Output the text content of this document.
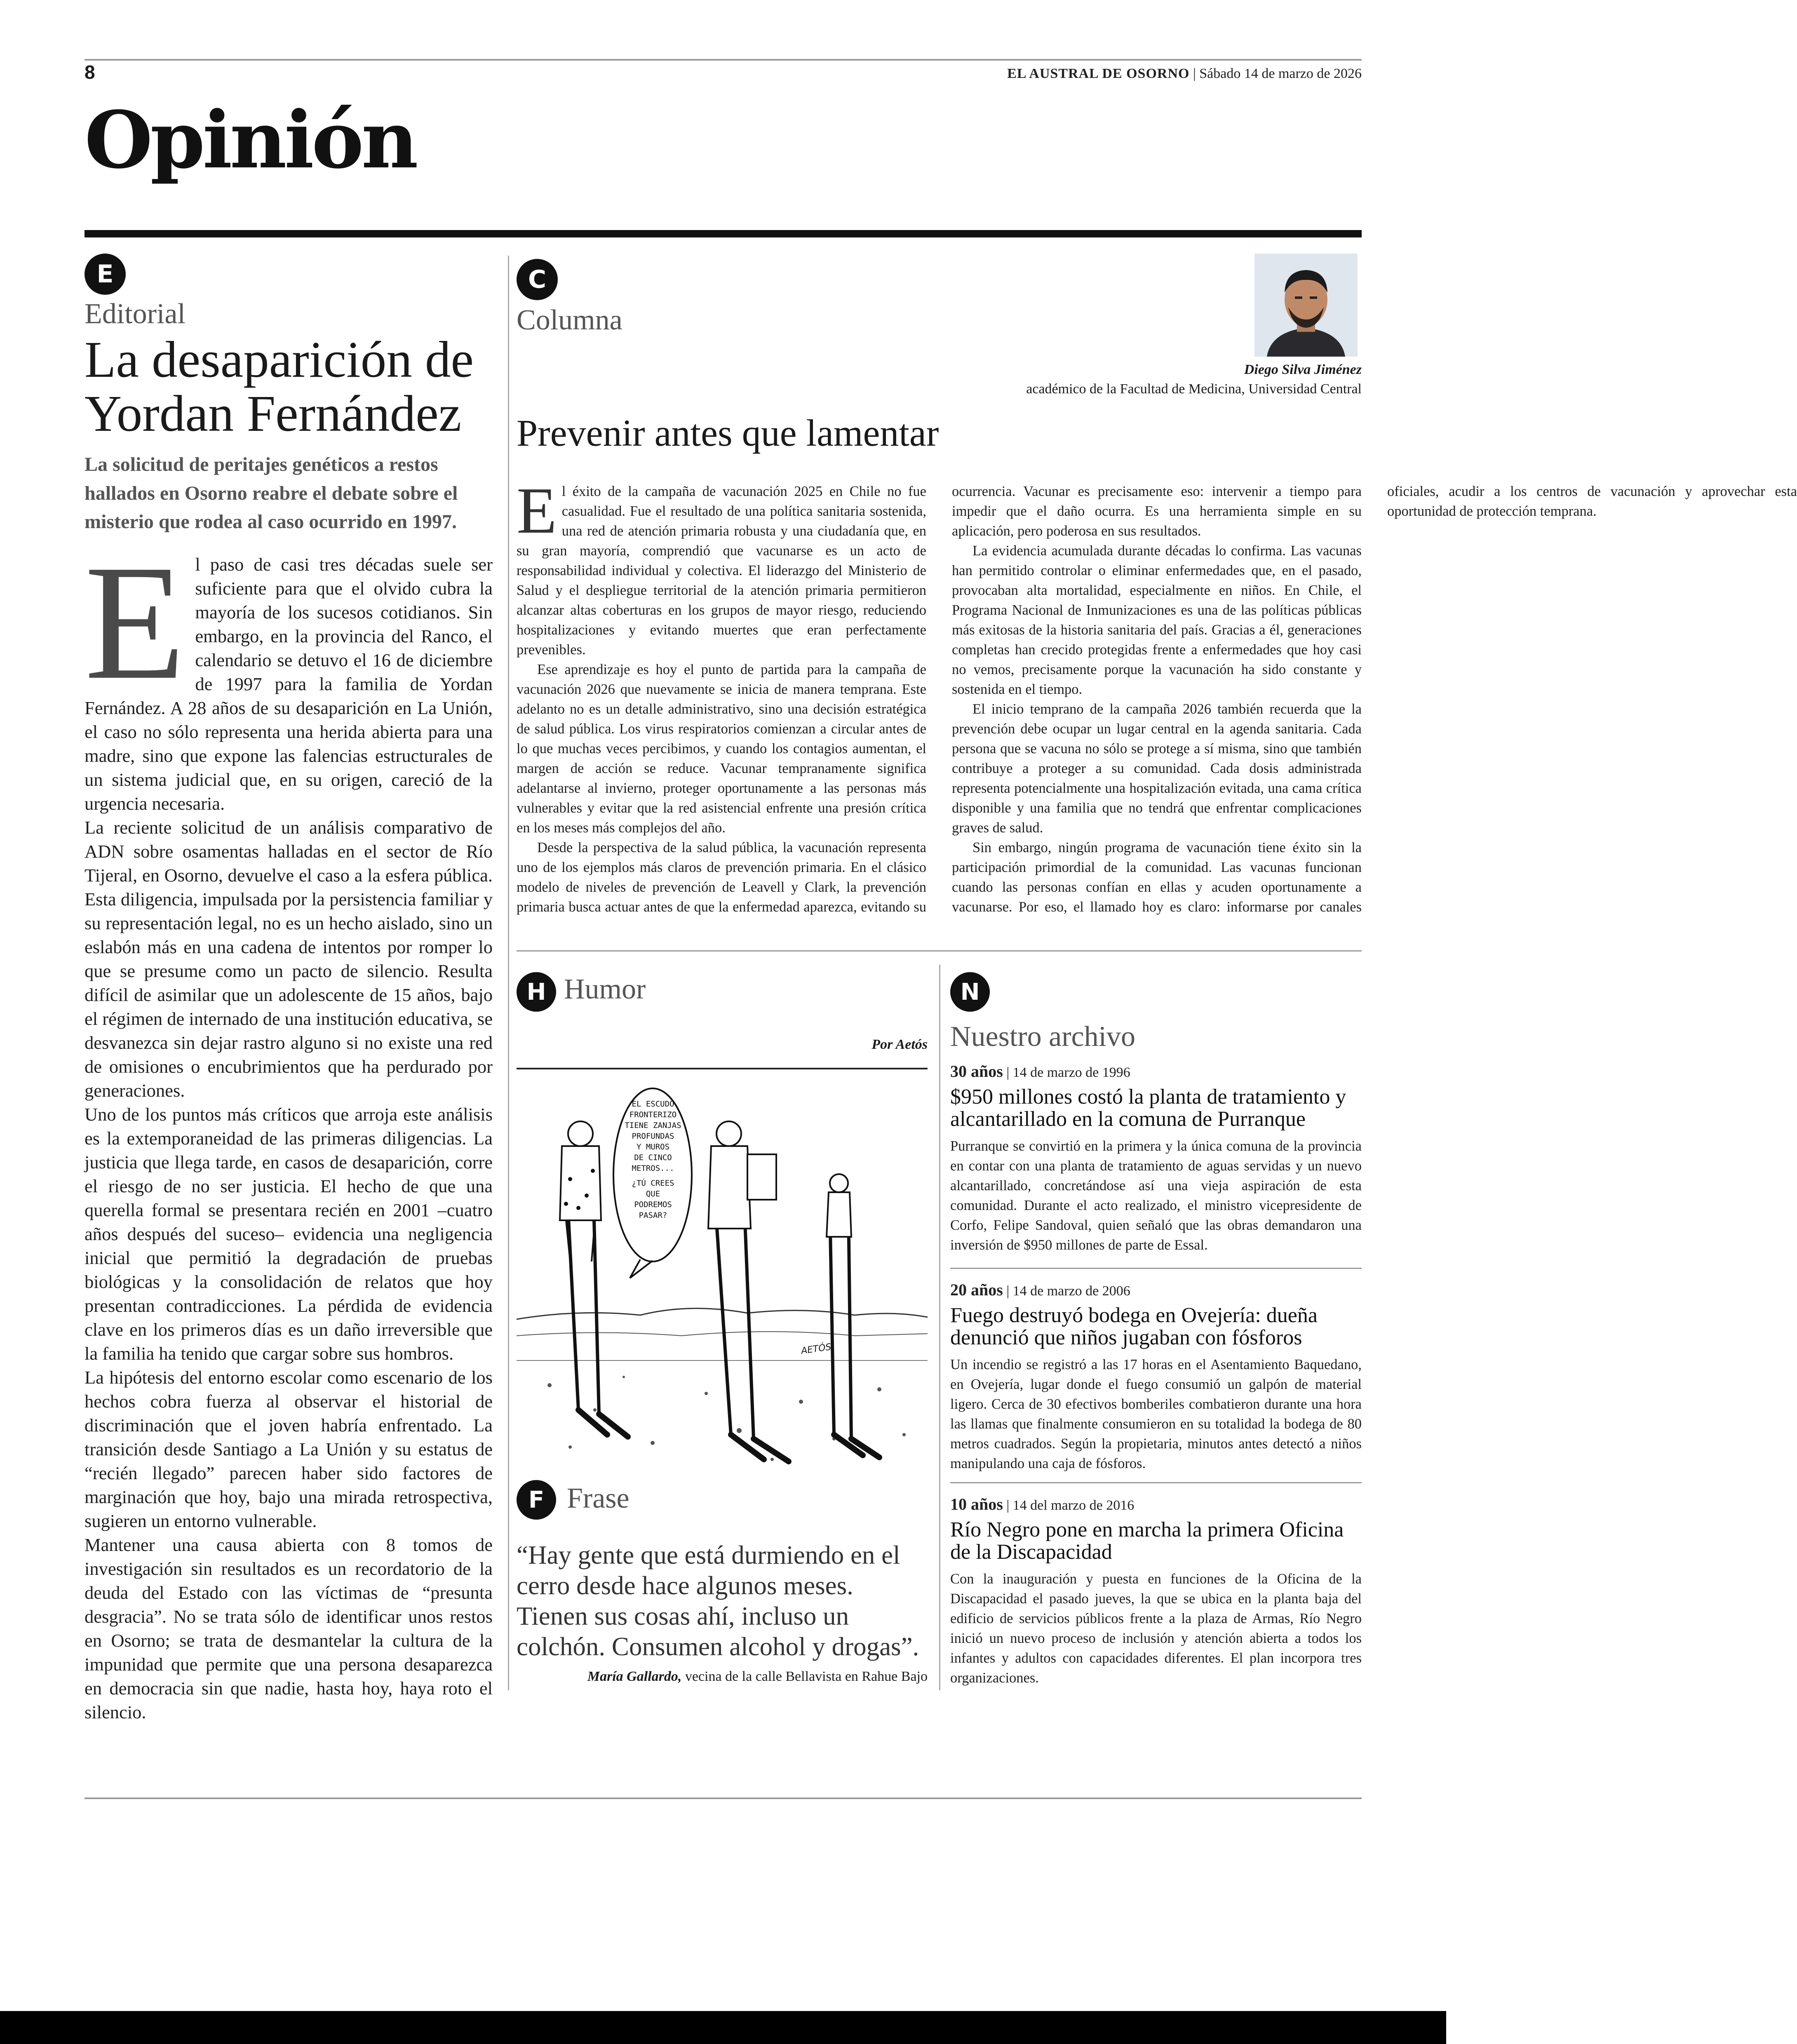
8	EL AUSTRAL DE OSORNO | Sábado 14 de marzo de 2026
Opinión
E
Editorial
La desaparición de Yordan Fernández
La solicitud de peritajes genéticos a restos hallados en Osorno reabre el debate sobre el misterio que rodea al caso ocurrido en 1997.
E l paso de casi tres décadas suele ser suficiente para que el olvido cubra la mayoría de los sucesos cotidianos. Sin embargo, en la provincia del Ranco, el calendario se detuvo el 16 de diciembre de 1997 para la familia de Yordan Fernández. A 28 años de su desaparición en La Unión, el caso no sólo representa una herida abierta para una madre, sino que expone las falencias estructurales de un sistema judicial que, en su origen, careció de la urgencia necesaria.

La reciente solicitud de un análisis comparativo de ADN sobre osamentas halladas en el sector de Río Tijeral, en Osorno, devuelve el caso a la esfera pública. Esta diligencia, impulsada por la persistencia familiar y su representación legal, no es un hecho aislado, sino un eslabón más en una cadena de intentos por romper lo que se presume como un pacto de silencio. Resulta difícil de asimilar que un adolescente de 15 años, bajo el régimen de internado de una institución educativa, se desvanezca sin dejar rastro alguno si no existe una red de omisiones o encubrimientos que ha perdurado por generaciones.

Uno de los puntos más críticos que arroja este análisis es la extemporaneidad de las primeras diligencias. La justicia que llega tarde, en casos de desaparición, corre el riesgo de no ser justicia. El hecho de que una querella formal se presentara recién en 2001 –cuatro años después del suceso– evidencia una negligencia inicial que permitió la degradación de pruebas biológicas y la consolidación de relatos que hoy presentan contradicciones. La pérdida de evidencia clave en los primeros días es un daño irreversible que la familia ha tenido que cargar sobre sus hombros.

La hipótesis del entorno escolar como escenario de los hechos cobra fuerza al observar el historial de discriminación que el joven habría enfrentado. La transición desde Santiago a La Unión y su estatus de “recién llegado” parecen haber sido factores de marginación que hoy, bajo una mirada retrospectiva, sugieren un entorno vulnerable.

Mantener una causa abierta con 8 tomos de investigación sin resultados es un recordatorio de la deuda del Estado con las víctimas de “presunta desgracia”. No se trata sólo de identificar unos restos en Osorno; se trata de desmantelar la cultura de la impunidad que permite que una persona desaparezca en democracia sin que nadie, hasta hoy, haya roto el silencio.

C
Columna
Diego Silva Jiménez
académico de la Facultad de Medicina, Universidad Central
Prevenir antes que lamentar
E l éxito de la campaña de vacunación 2025 en Chile no fue casualidad. Fue el resultado de una política sanitaria sostenida, una red de atención primaria robusta y una ciudadanía que, en su gran mayoría, comprendió que vacunarse es un acto de responsabilidad individual y colectiva. El liderazgo del Ministerio de Salud y el despliegue territorial de la atención primaria permitieron alcanzar altas coberturas en los grupos de mayor riesgo, reduciendo hospitalizaciones y evitando muertes que eran perfectamente prevenibles.

Ese aprendizaje es hoy el punto de partida para la campaña de vacunación 2026 que nuevamente se inicia de manera temprana. Este adelanto no es un detalle administrativo, sino una decisión estratégica de salud pública. Los virus respiratorios comienzan a circular antes de lo que muchas veces percibimos, y cuando los contagios aumentan, el margen de acción se reduce. Vacunar tempranamente significa adelantarse al invierno, proteger oportunamente a las personas más vulnerables y evitar que la red asistencial enfrente una presión crítica en los meses más complejos del año.

Desde la perspectiva de la salud pública, la vacunación representa uno de los ejemplos más claros de prevención primaria. En el clásico modelo de niveles de prevención de Leavell y Clark, la prevención primaria busca actuar antes de que la enfermedad aparezca, evitando su ocurrencia. Vacunar es precisamente eso: intervenir a tiempo para impedir que el daño ocurra. Es una herramienta simple en su aplicación, pero poderosa en sus resultados.

La evidencia acumulada durante décadas lo confirma. Las vacunas han permitido controlar o eliminar enfermedades que, en el pasado, provocaban alta mortalidad, especialmente en niños. En Chile, el Programa Nacional de Inmunizaciones es una de las políticas públicas más exitosas de la historia sanitaria del país. Gracias a él, generaciones completas han crecido protegidas frente a enfermedades que hoy casi no vemos, precisamente porque la vacunación ha sido constante y sostenida en el tiempo.

El inicio temprano de la campaña 2026 también recuerda que la prevención debe ocupar un lugar central en la agenda sanitaria. Cada persona que se vacuna no sólo se protege a sí misma, sino que también contribuye a proteger a su comunidad. Cada dosis administrada representa potencialmente una hospitalización evitada, una cama crítica disponible y una familia que no tendrá que enfrentar complicaciones graves de salud.

Sin embargo, ningún programa de vacunación tiene éxito sin la participación primordial de la comunidad. Las vacunas funcionan cuando las personas confían en ellas y acuden oportunamente a vacunarse. Por eso, el llamado hoy es claro: informarse por canales oficiales, acudir a los centros de vacunación y aprovechar esta oportunidad de protección temprana.

H Humor
Por Aetós
EL ESCUDO
FRONTERIZO
TIENE ZANJAS
PROFUNDAS
Y MUROS
DE CINCO
METROS...
¿TÚ CREES
QUE
PODREMOS
PASAR?
AETÓS
F Frase
“Hay gente que está durmiendo en el cerro desde hace algunos meses. Tienen sus cosas ahí, incluso un colchón. Consumen alcohol y drogas”.
María Gallardo, vecina de la calle Bellavista en Rahue Bajo
N
Nuestro archivo
30 años | 14 de marzo de 1996
$950 millones costó la planta de tratamiento y alcantarillado en la comuna de Purranque
Purranque se convirtió en la primera y la única comuna de la provincia en contar con una planta de tratamiento de aguas servidas y un nuevo alcantarillado, concretándose así una vieja aspiración de esta comunidad. Durante el acto realizado, el ministro vicepresidente de Corfo, Felipe Sandoval, quien señaló que las obras demandaron una inversión de $950 millones de parte de Essal.
20 años | 14 de marzo de 2006
Fuego destruyó bodega en Ovejería: dueña denunció que niños jugaban con fósforos
Un incendio se registró a las 17 horas en el Asentamiento Baquedano, en Ovejería, lugar donde el fuego consumió un galpón de material ligero. Cerca de 30 efectivos bomberiles combatieron durante una hora las llamas que finalmente consumieron en su totalidad la bodega de 80 metros cuadrados. Según la propietaria, minutos antes detectó a niños manipulando una caja de fósforos.
10 años | 14 del marzo de 2016
Río Negro pone en marcha la primera Oficina de la Discapacidad
Con la inauguración y puesta en funciones de la Oficina de la Discapacidad el pasado jueves, la que se ubica en la planta baja del edificio de servicios públicos frente a la plaza de Armas, Río Negro inició un nuevo proceso de inclusión y atención abierta a todos los infantes y adultos con capacidades diferentes. El plan incorpora tres organizaciones.
